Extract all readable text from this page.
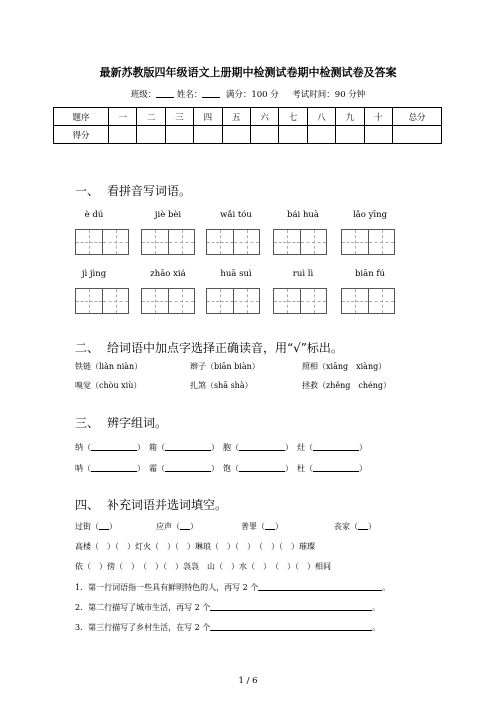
最新苏教版四年级语文上册期中检测试卷期中检测试卷及答案
班级： 姓名：	满分：100 分 考试时间：90 分钟
题序	一	二	三	四	五	六	七	八	九	十	总分
得分											
一、 看拼音写词语。
è dú	jiè bèi	wǎi tóu	bái huà	lǎo yīng
jì jìng	zhāo xiá	huā suì	ruì lì	biān fú
二、 给词语中加点字选择正确读音，用“√”标出。
铁链（liàn niàn）	辫子（biān biàn）	照相（xiāng　xiàng）
嗅觉（chòu xiù）	扎煞（shā shà）	拯救（zhěng　chéng）
三、 辨字组词。
纳（	）　箱（	）　胞（	）　灶（	）
呐（	）　霜（	）　饱（	）　杜（	）
四、 补充词语并选词填空。
过街（ ）	应声（ ）	普罪（ ）	丧家（ ）
高楼（　）（　）灯火（　）（　）琳琅（　）（　）　（　）（　）璀璨
依（　）傍（　）　（　）（　）袅袅　山（　）水（　）　（　）（　）相间
1．第一行词语指一些具有鲜明特色的人，再写 2 个	。
2．第二行描写了城市生活，再写 2 个	。
3．第三行描写了乡村生活，在写 2 个	。
1 / 6
